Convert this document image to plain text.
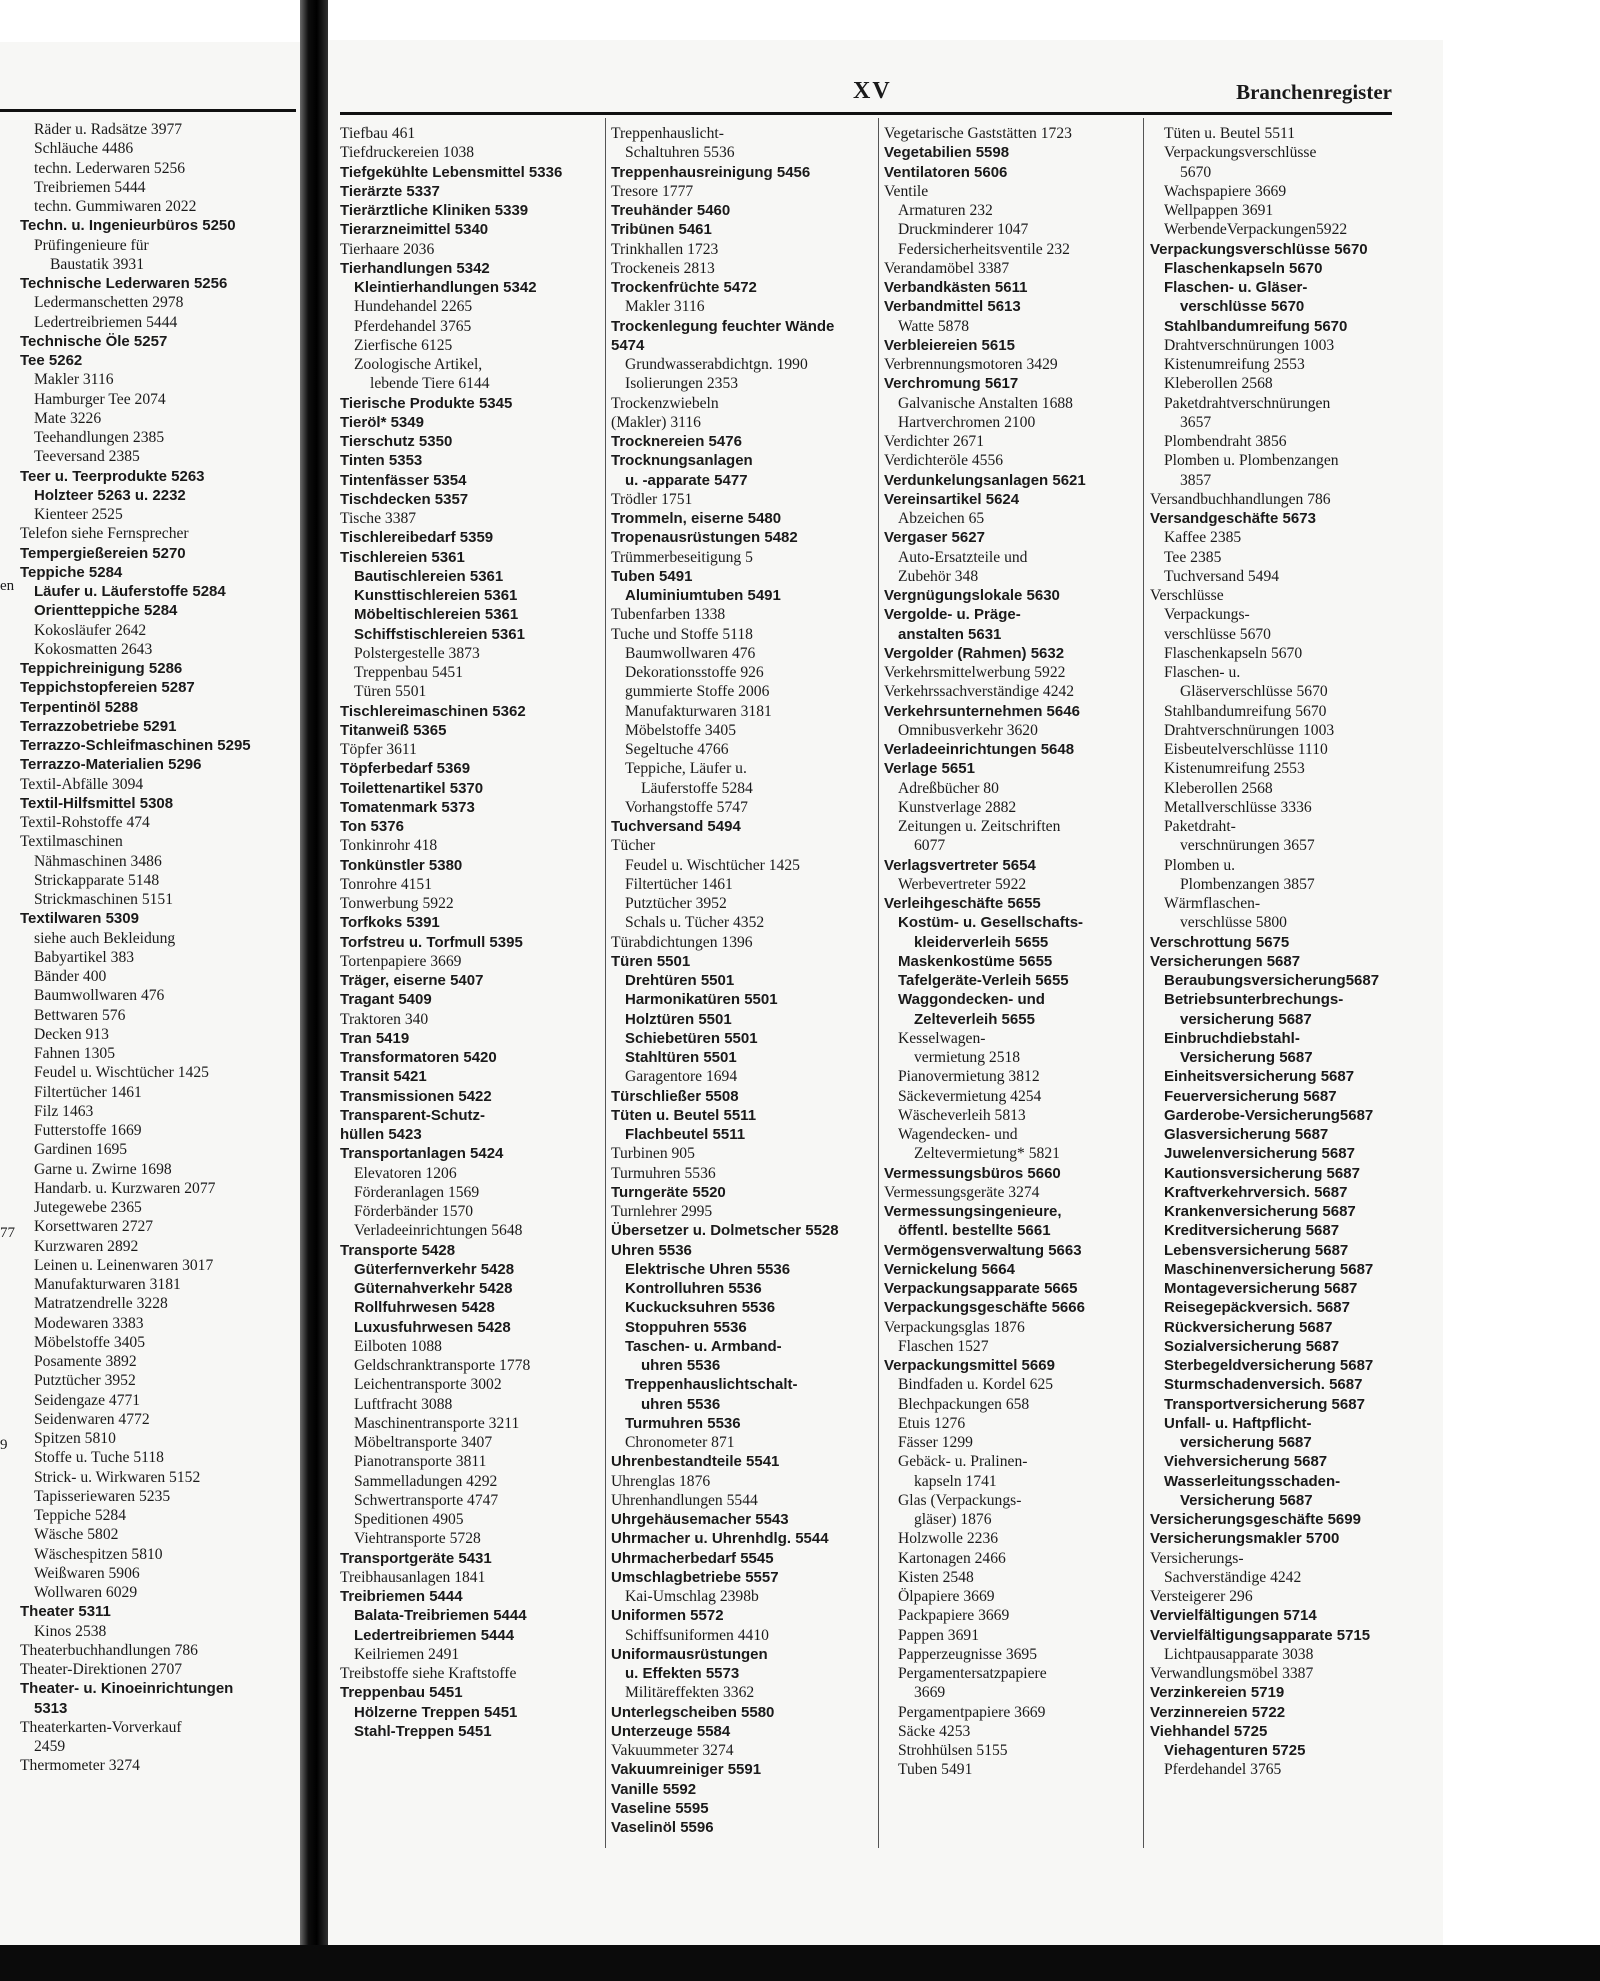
en
77
9
XV	Branchenregister
Räder u. Radsätze 3977
Schläuche 4486
techn. Lederwaren 5256
Treibriemen 5444
techn. Gummiwaren 2022
Techn. u. Ingenieurbüros 5250
Prüfingenieure für
Baustatik 3931
Technische Lederwaren 5256
Ledermanschetten 2978
Ledertreibriemen 5444
Technische Öle 5257
Tee 5262
Makler 3116
Hamburger Tee 2074
Mate 3226
Teehandlungen 2385
Teeversand 2385
Teer u. Teerprodukte 5263
Holzteer 5263 u. 2232
Kienteer 2525
Telefon siehe Fernsprecher
Tempergießereien 5270
Teppiche 5284
Läufer u. Läuferstoffe 5284
Orientteppiche 5284
Kokosläufer 2642
Kokosmatten 2643
Teppichreinigung 5286
Teppichstopfereien 5287
Terpentinöl 5288
Terrazzobetriebe 5291
Terrazzo-Schleifmaschinen 5295
Terrazzo-Materialien 5296
Textil-Abfälle 3094
Textil-Hilfsmittel 5308
Textil-Rohstoffe 474
Textilmaschinen
Nähmaschinen 3486
Strickapparate 5148
Strickmaschinen 5151
Textilwaren 5309
siehe auch Bekleidung
Babyartikel 383
Bänder 400
Baumwollwaren 476
Bettwaren 576
Decken 913
Fahnen 1305
Feudel u. Wischtücher 1425
Filtertücher 1461
Filz 1463
Futterstoffe 1669
Gardinen 1695
Garne u. Zwirne 1698
Handarb. u. Kurzwaren 2077
Jutegewebe 2365
Korsettwaren 2727
Kurzwaren 2892
Leinen u. Leinenwaren 3017
Manufakturwaren 3181
Matratzendrelle 3228
Modewaren 3383
Möbelstoffe 3405
Posamente 3892
Putztücher 3952
Seidengaze 4771
Seidenwaren 4772
Spitzen 5810
Stoffe u. Tuche 5118
Strick- u. Wirkwaren 5152
Tapisseriewaren 5235
Teppiche 5284
Wäsche 5802
Wäschespitzen 5810
Weißwaren 5906
Wollwaren 6029
Theater 5311
Kinos 2538
Theaterbuchhandlungen 786
Theater-Direktionen 2707
Theater- u. Kinoeinrichtungen
5313
Theaterkarten-Vorverkauf
2459
Thermometer 3274
Tiefbau 461
Tiefdruckereien 1038
Tiefgekühlte Lebensmittel 5336
Tierärzte 5337
Tierärztliche Kliniken 5339
Tierarzneimittel 5340
Tierhaare 2036
Tierhandlungen 5342
Kleintierhandlungen 5342
Hundehandel 2265
Pferdehandel 3765
Zierfische 6125
Zoologische Artikel,
lebende Tiere 6144
Tierische Produkte 5345
Tieröl* 5349
Tierschutz 5350
Tinten 5353
Tintenfässer 5354
Tischdecken 5357
Tische 3387
Tischlereibedarf 5359
Tischlereien 5361
Bautischlereien 5361
Kunsttischlereien 5361
Möbeltischlereien 5361
Schiffstischlereien 5361
Polstergestelle 3873
Treppenbau 5451
Türen 5501
Tischlereimaschinen 5362
Titanweiß 5365
Töpfer 3611
Töpferbedarf 5369
Toilettenartikel 5370
Tomatenmark 5373
Ton 5376
Tonkinrohr 418
Tonkünstler 5380
Tonrohre 4151
Tonwerbung 5922
Torfkoks 5391
Torfstreu u. Torfmull 5395
Tortenpapiere 3669
Träger, eiserne 5407
Tragant 5409
Traktoren 340
Tran 5419
Transformatoren 5420
Transit 5421
Transmissionen 5422
Transparent-Schutz-
hüllen 5423
Transportanlagen 5424
Elevatoren 1206
Förderanlagen 1569
Förderbänder 1570
Verladeeinrichtungen 5648
Transporte 5428
Güterfernverkehr 5428
Güternahverkehr 5428
Rollfuhrwesen 5428
Luxusfuhrwesen 5428
Eilboten 1088
Geldschranktransporte 1778
Leichentransporte 3002
Luftfracht 3088
Maschinentransporte 3211
Möbeltransporte 3407
Pianotransporte 3811
Sammelladungen 4292
Schwertransporte 4747
Speditionen 4905
Viehtransporte 5728
Transportgeräte 5431
Treibhausanlagen 1841
Treibriemen 5444
Balata-Treibriemen 5444
Ledertreibriemen 5444
Keilriemen 2491
Treibstoffe siehe Kraftstoffe
Treppenbau 5451
Hölzerne Treppen 5451
Stahl-Treppen 5451
Treppenhauslicht-
Schaltuhren 5536
Treppenhausreinigung 5456
Tresore 1777
Treuhänder 5460
Tribünen 5461
Trinkhallen 1723
Trockeneis 2813
Trockenfrüchte 5472
Makler 3116
Trockenlegung feuchter Wände
5474
Grundwasserabdichtgn. 1990
Isolierungen 2353
Trockenzwiebeln
(Makler) 3116
Trocknereien 5476
Trocknungsanlagen
u. -apparate 5477
Trödler 1751
Trommeln, eiserne 5480
Tropenausrüstungen 5482
Trümmerbeseitigung 5
Tuben 5491
Aluminiumtuben 5491
Tubenfarben 1338
Tuche und Stoffe 5118
Baumwollwaren 476
Dekorationsstoffe 926
gummierte Stoffe 2006
Manufakturwaren 3181
Möbelstoffe 3405
Segeltuche 4766
Teppiche, Läufer u.
Läuferstoffe 5284
Vorhangstoffe 5747
Tuchversand 5494
Tücher
Feudel u. Wischtücher 1425
Filtertücher 1461
Putztücher 3952
Schals u. Tücher 4352
Türabdichtungen 1396
Türen 5501
Drehtüren 5501
Harmonikatüren 5501
Holztüren 5501
Schiebetüren 5501
Stahltüren 5501
Garagentore 1694
Türschließer 5508
Tüten u. Beutel 5511
Flachbeutel 5511
Turbinen 905
Turmuhren 5536
Turngeräte 5520
Turnlehrer 2995
Übersetzer u. Dolmetscher 5528
Uhren 5536
Elektrische Uhren 5536
Kontrolluhren 5536
Kuckucksuhren 5536
Stoppuhren 5536
Taschen- u. Armband-
uhren 5536
Treppenhauslichtschalt-
uhren 5536
Turmuhren 5536
Chronometer 871
Uhrenbestandteile 5541
Uhrenglas 1876
Uhrenhandlungen 5544
Uhrgehäusemacher 5543
Uhrmacher u. Uhrenhdlg. 5544
Uhrmacherbedarf 5545
Umschlagbetriebe 5557
Kai-Umschlag 2398b
Uniformen 5572
Schiffsuniformen 4410
Uniformausrüstungen
u. Effekten 5573
Militäreffekten 3362
Unterlegscheiben 5580
Unterzeuge 5584
Vakuummeter 3274
Vakuumreiniger 5591
Vanille 5592
Vaseline 5595
Vaselinöl 5596
Vegetarische Gaststätten 1723
Vegetabilien 5598
Ventilatoren 5606
Ventile
Armaturen 232
Druckminderer 1047
Federsicherheitsventile 232
Verandamöbel 3387
Verbandkästen 5611
Verbandmittel 5613
Watte 5878
Verbleiereien 5615
Verbrennungsmotoren 3429
Verchromung 5617
Galvanische Anstalten 1688
Hartverchromen 2100
Verdichter 2671
Verdichteröle 4556
Verdunkelungsanlagen 5621
Vereinsartikel 5624
Abzeichen 65
Vergaser 5627
Auto-Ersatzteile und
Zubehör 348
Vergnügungslokale 5630
Vergolde- u. Präge-
anstalten 5631
Vergolder (Rahmen) 5632
Verkehrsmittelwerbung 5922
Verkehrssachverständige 4242
Verkehrsunternehmen 5646
Omnibusverkehr 3620
Verladeeinrichtungen 5648
Verlage 5651
Adreßbücher 80
Kunstverlage 2882
Zeitungen u. Zeitschriften
6077
Verlagsvertreter 5654
Werbevertreter 5922
Verleihgeschäfte 5655
Kostüm- u. Gesellschafts-
kleiderverleih 5655
Maskenkostüme 5655
Tafelgeräte-Verleih 5655
Waggondecken- und
Zelteverleih 5655
Kesselwagen-
vermietung 2518
Pianovermietung 3812
Säckevermietung 4254
Wäscheverleih 5813
Wagendecken- und
Zeltevermietung* 5821
Vermessungsbüros 5660
Vermessungsgeräte 3274
Vermessungsingenieure,
öffentl. bestellte 5661
Vermögensverwaltung 5663
Vernickelung 5664
Verpackungsapparate 5665
Verpackungsgeschäfte 5666
Verpackungsglas 1876
Flaschen 1527
Verpackungsmittel 5669
Bindfaden u. Kordel 625
Blechpackungen 658
Etuis 1276
Fässer 1299
Gebäck- u. Pralinen-
kapseln 1741
Glas (Verpackungs-
gläser) 1876
Holzwolle 2236
Kartonagen 2466
Kisten 2548
Ölpapiere 3669
Packpapiere 3669
Pappen 3691
Papperzeugnisse 3695
Pergamentersatzpapiere
3669
Pergamentpapiere 3669
Säcke 4253
Strohhülsen 5155
Tuben 5491
Tüten u. Beutel 5511
Verpackungsverschlüsse
5670
Wachspapiere 3669
Wellpappen 3691
WerbendeVerpackungen5922
Verpackungsverschlüsse 5670
Flaschenkapseln 5670
Flaschen- u. Gläser-
verschlüsse 5670
Stahlbandumreifung 5670
Drahtverschnürungen 1003
Kistenumreifung 2553
Kleberollen 2568
Paketdrahtverschnürungen
3657
Plombendraht 3856
Plomben u. Plombenzangen
3857
Versandbuchhandlungen 786
Versandgeschäfte 5673
Kaffee 2385
Tee 2385
Tuchversand 5494
Verschlüsse
Verpackungs-
verschlüsse 5670
Flaschenkapseln 5670
Flaschen- u.
Gläserverschlüsse 5670
Stahlbandumreifung 5670
Drahtverschnürungen 1003
Eisbeutelverschlüsse 1110
Kistenumreifung 2553
Kleberollen 2568
Metallverschlüsse 3336
Paketdraht-
verschnürungen 3657
Plomben u.
Plombenzangen 3857
Wärmflaschen-
verschlüsse 5800
Verschrottung 5675
Versicherungen 5687
Beraubungsversicherung5687
Betriebsunterbrechungs-
versicherung 5687
Einbruchdiebstahl-
Versicherung 5687
Einheitsversicherung 5687
Feuerversicherung 5687
Garderobe-Versicherung5687
Glasversicherung 5687
Juwelenversicherung 5687
Kautionsversicherung 5687
Kraftverkehrversich. 5687
Krankenversicherung 5687
Kreditversicherung 5687
Lebensversicherung 5687
Maschinenversicherung 5687
Montageversicherung 5687
Reisegepäckversich. 5687
Rückversicherung 5687
Sozialversicherung 5687
Sterbegeldversicherung 5687
Sturmschadenversich. 5687
Transportversicherung 5687
Unfall- u. Haftpflicht-
versicherung 5687
Viehversicherung 5687
Wasserleitungsschaden-
Versicherung 5687
Versicherungsgeschäfte 5699
Versicherungsmakler 5700
Versicherungs-
Sachverständige 4242
Versteigerer 296
Vervielfältigungen 5714
Vervielfältigungsapparate 5715
Lichtpausapparate 3038
Verwandlungsmöbel 3387
Verzinkereien 5719
Verzinnereien 5722
Viehhandel 5725
Viehagenturen 5725
Pferdehandel 3765
